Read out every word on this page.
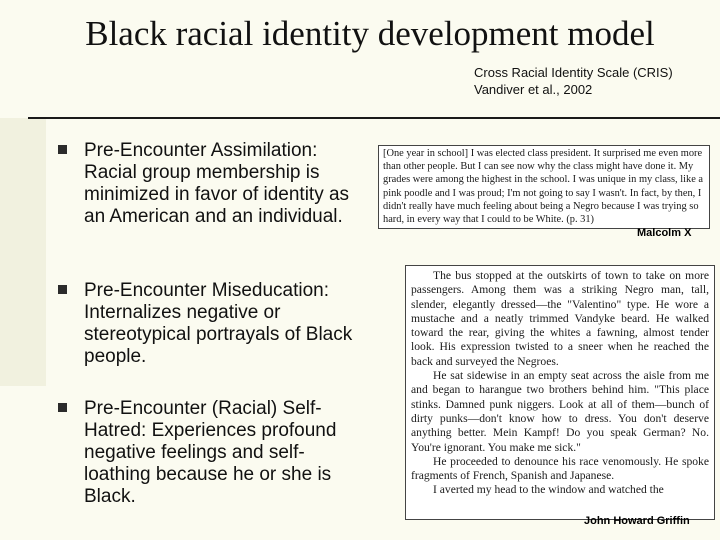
Black racial identity development model
Cross Racial Identity Scale (CRIS)
Vandiver et al., 2002
Pre-Encounter Assimilation: Racial group membership is minimized in favor of identity as an American and an individual.
Pre-Encounter Miseducation: Internalizes negative or stereotypical portrayals of Black people.
Pre-Encounter (Racial) Self-Hatred: Experiences profound negative feelings and self-loathing because he or she is Black.
[One year in school] I was elected class president. It surprised me even more than other people. But I can see now why the class might have done it. My grades were among the highest in the school. I was unique in my class, like a pink poodle and I was proud; I'm not going to say I wasn't. In fact, by then, I didn't really have much feeling about being a Negro because I was trying so hard, in every way that I could to be White. (p. 31)
Malcolm X

The bus stopped at the outskirts of town to take on more passengers. Among them was a striking Negro man, tall, slender, elegantly dressed—the "Valentino" type. He wore a mustache and a neatly trimmed Vandyke beard. He walked toward the rear, giving the whites a fawning, almost tender look. His expression twisted to a sneer when he reached the back and surveyed the Negroes.

He sat sidewise in an empty seat across the aisle from me and began to harangue two brothers behind him. "This place stinks. Damned punk niggers. Look at all of them—bunch of dirty punks—don't know how to dress. You don't deserve anything better. Mein Kampf! Do you speak German? No. You're ignorant. You make me sick."

He proceeded to denounce his race venomously. He spoke fragments of French, Spanish and Japanese.

I averted my head to the window and watched the

John Howard Griffin
